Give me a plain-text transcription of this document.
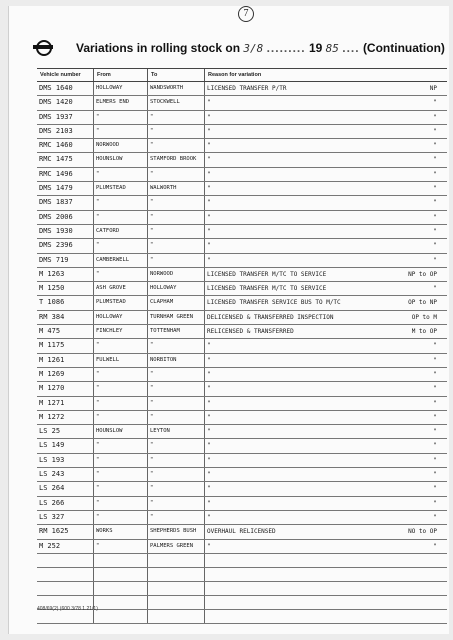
7
Variations in rolling stock on 3/8 ......... 19 85 .... (Continuation)
Vehicle number	From	To	Reason for variation
DMS 1640	HOLLOWAY	WANDSWORTH	LICENSED TRANSFER P/TR	NP
DMS 1420	ELMERS END	STOCKWELL	"	"
DMS 1937	"	"	"	"
DMS 2103	"	"	"	"
RMC 1460	NORWOOD	"	"	"
RMC 1475	HOUNSLOW	STAMFORD BROOK	"	"
RMC 1496	"	"	"	"
DMS 1479	PLUMSTEAD	WALWORTH	"	"
DMS 1837	"	"	"	"
DMS 2006	"	"	"	"
DMS 1930	CATFORD	"	"	"
DMS 2396	"	"	"	"
DMS 719	CAMBERWELL	"	"	"
M 1263	"	NORWOOD	LICENSED TRANSFER M/TC TO SERVICE	NP to OP
M 1250	ASH GROVE	HOLLOWAY	LICENSED TRANSFER M/TC TO SERVICE	"
T 1086	PLUMSTEAD	CLAPHAM	LICENSED TRANSFER SERVICE BUS TO M/TC	OP to NP
RM 384	HOLLOWAY	TURNHAM GREEN	DELICENSED & TRANSFERRED INSPECTION	OP to M
M 475	FINCHLEY	TOTTENHAM	RELICENSED & TRANSFERRED	M to OP
M 1175	"	"	"	"
M 1261	FULWELL	NORBITON	"	"
M 1269	"	"	"	"
M 1270	"	"	"	"
M 1271	"	"	"	"
M 1272	"	"	"	"
LS 25	HOUNSLOW	LEYTON	"	"
LS 149	"	"	"	"
LS 193	"	"	"	"
LS 243	"	"	"	"
LS 264	"	"	"	"
LS 266	"	"	"	"
LS 327	"	"	"	"
RM 1625	WORKS	SHEPHERDS BUSH	OVERHAUL RELICENSED	NO to OP
M 252	"	PALMERS GREEN	"	"
408/69(2) (600 3/78 1.21/1)
